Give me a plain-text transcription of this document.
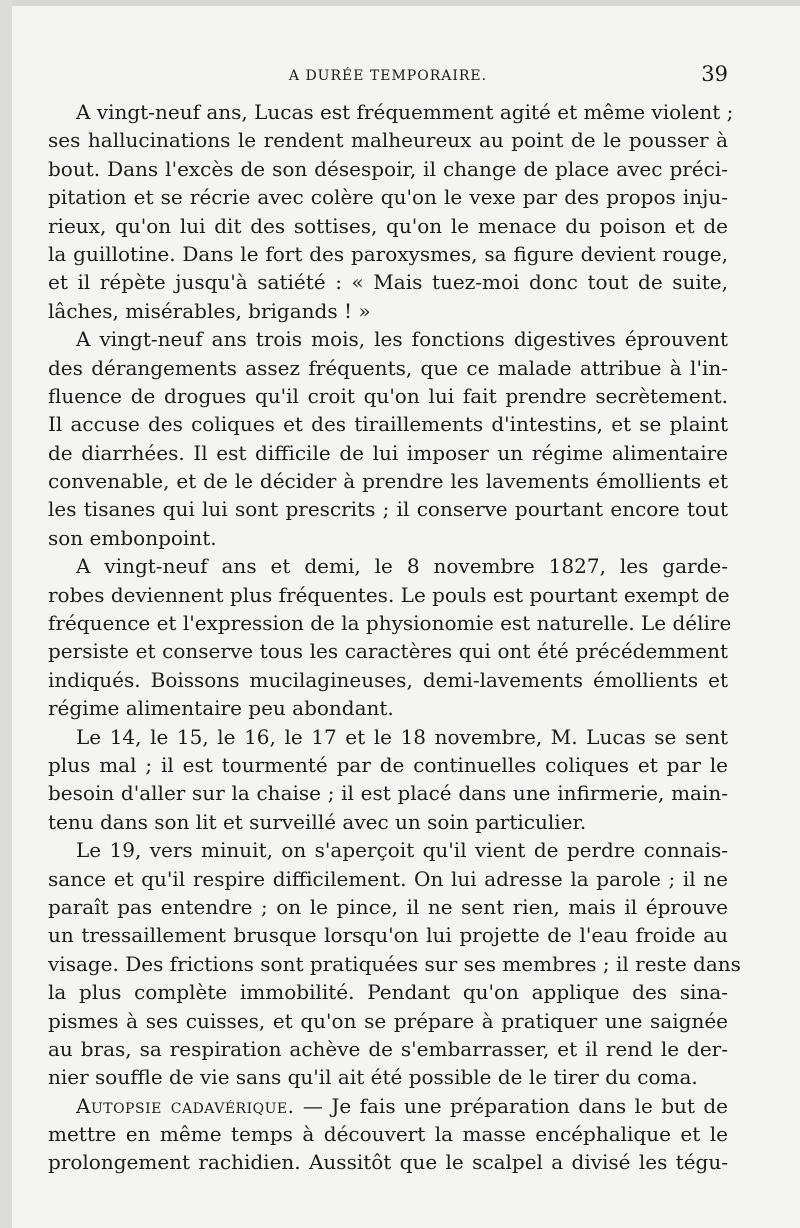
A DURÉE TEMPORAIRE.	39
A vingt-neuf ans, Lucas est fréquemment agité et même violent ;
ses hallucinations le rendent malheureux au point de le pousser à
bout. Dans l'excès de son désespoir, il change de place avec préci-
pitation et se récrie avec colère qu'on le vexe par des propos inju-
rieux, qu'on lui dit des sottises, qu'on le menace du poison et de
la guillotine. Dans le fort des paroxysmes, sa figure devient rouge,
et il répète jusqu'à satiété : « Mais tuez-moi donc tout de suite,
lâches, misérables, brigands ! »
A vingt-neuf ans trois mois, les fonctions digestives éprouvent
des dérangements assez fréquents, que ce malade attribue à l'in-
fluence de drogues qu'il croit qu'on lui fait prendre secrètement.
Il accuse des coliques et des tiraillements d'intestins, et se plaint
de diarrhées. Il est difficile de lui imposer un régime alimentaire
convenable, et de le décider à prendre les lavements émollients et
les tisanes qui lui sont prescrits ; il conserve pourtant encore tout
son embonpoint.
A vingt-neuf ans et demi, le 8 novembre 1827, les garde-
robes deviennent plus fréquentes. Le pouls est pourtant exempt de
fréquence et l'expression de la physionomie est naturelle. Le délire
persiste et conserve tous les caractères qui ont été précédemment
indiqués. Boissons mucilagineuses, demi-lavements émollients et
régime alimentaire peu abondant.
Le 14, le 15, le 16, le 17 et le 18 novembre, M. Lucas se sent
plus mal ; il est tourmenté par de continuelles coliques et par le
besoin d'aller sur la chaise ; il est placé dans une infirmerie, main-
tenu dans son lit et surveillé avec un soin particulier.
Le 19, vers minuit, on s'aperçoit qu'il vient de perdre connais-
sance et qu'il respire difficilement. On lui adresse la parole ; il ne
paraît pas entendre ; on le pince, il ne sent rien, mais il éprouve
un tressaillement brusque lorsqu'on lui projette de l'eau froide au
visage. Des frictions sont pratiquées sur ses membres ; il reste dans
la plus complète immobilité. Pendant qu'on applique des sina-
pismes à ses cuisses, et qu'on se prépare à pratiquer une saignée
au bras, sa respiration achève de s'embarrasser, et il rend le der-
nier souffle de vie sans qu'il ait été possible de le tirer du coma.
Autopsie cadavérique. — Je fais une préparation dans le but de
mettre en même temps à découvert la masse encéphalique et le
prolongement rachidien. Aussitôt que le scalpel a divisé les tégu-
